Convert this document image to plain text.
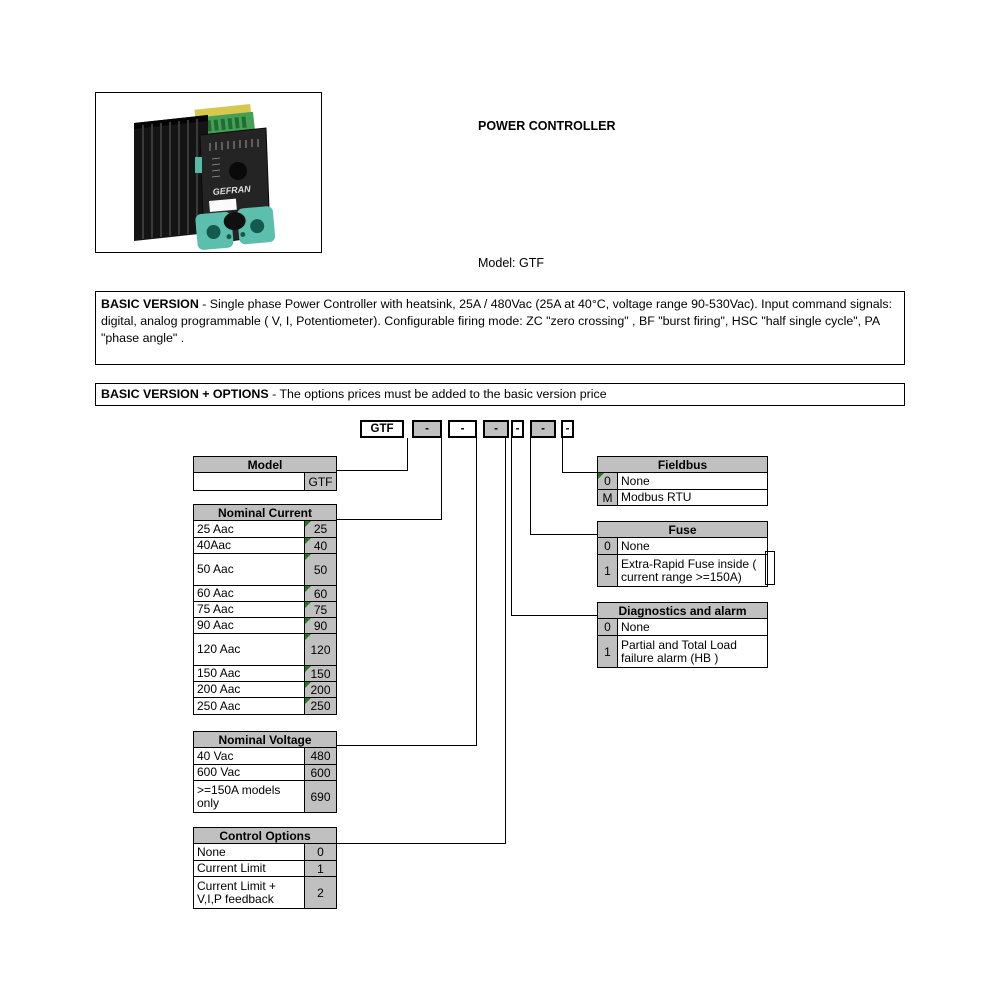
GEFRAN
POWER CONTROLLER
Model: GTF
BASIC VERSION - Single phase Power Controller with heatsink, 25A / 480Vac (25A at 40°C, voltage range 90-530Vac). Input command signals: digital, analog programmable ( V, I, Potentiometer). Configurable firing mode: ZC "zero crossing" , BF "burst firing", HSC "half single cycle", PA "phase angle" .
BASIC VERSION + OPTIONS - The options prices must be added to the basic version price
GTF	-	-	-	-	-	-
Model
GTF
Nominal Current
25 Aac	25
40Aac	40
50 Aac	50
60 Aac	60
75 Aac	75
90 Aac	90
120 Aac	120
150 Aac	150
200 Aac	200
250 Aac	250
Nominal Voltage
40 Vac	480
600 Vac	600
>=150A models only	690
Control Options
None	0
Current Limit	1
Current Limit + V,I,P feedback	2
Fieldbus
0 None
M Modbus RTU
Fuse
0 None
1 Extra-Rapid Fuse inside ( current range >=150A)
Diagnostics and alarm
0 None
1 Partial and Total Load failure alarm (HB )
